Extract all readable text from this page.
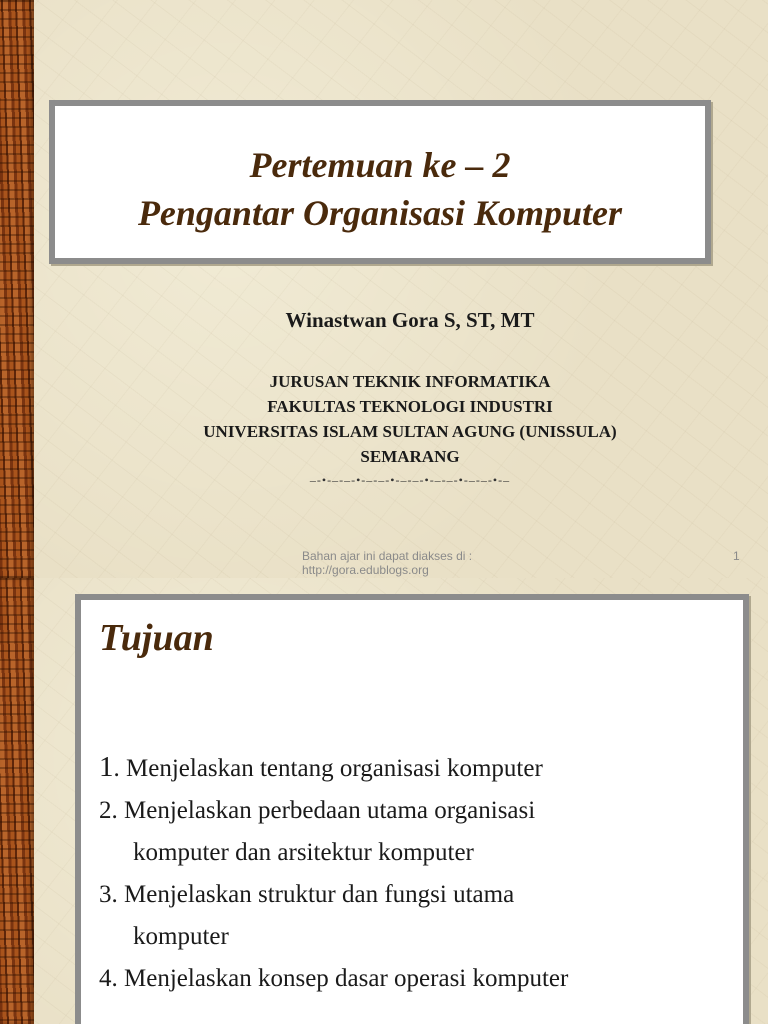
Pertemuan ke – 2

Pengantar Organisasi Komputer

Winastwan Gora S, ST, MT
JURUSAN TEKNIK INFORMATIKA
FAKULTAS TEKNOLOGI INDUSTRI
UNIVERSITAS ISLAM SULTAN AGUNG (UNISSULA)
SEMARANG
–-•-–-–-•-–-–-•-–-–-•-–-–-•-–-–-•-–
Bahan ajar ini dapat diakses di : http://gora.edublogs.org
1
Tujuan
1. Menjelaskan tentang organisasi komputer
2. Menjelaskan perbedaan utama organisasi
komputer dan arsitektur komputer
3. Menjelaskan struktur dan fungsi utama
komputer
4. Menjelaskan konsep dasar operasi komputer
